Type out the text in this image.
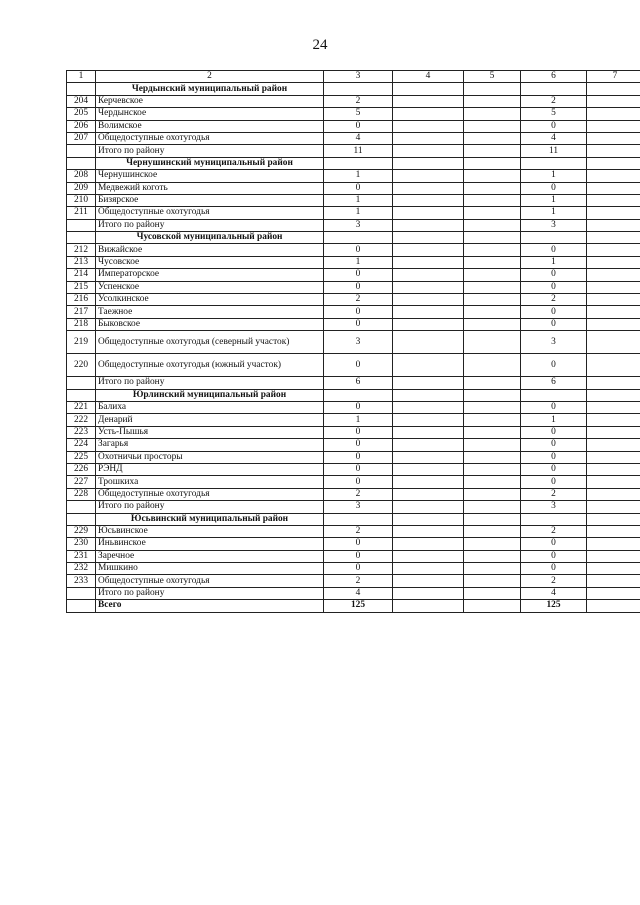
24
1	2	3	4	5	6	7
	Чердынский муниципальный район					
204	Керчевское	2			2	
205	Чердынское	5			5	
206	Волимское	0			0	
207	Общедоступные охотугодья	4			4	
	Итого по району	11			11	
	Чернушинский муниципальный район					
208	Чернушинское	1			1	
209	Медвежий коготь	0			0	
210	Бизярское	1			1	
211	Общедоступные охотугодья	1			1	
	Итого по району	3			3	
	Чусовской муниципальный район					
212	Вижайское	0			0	
213	Чусовское	1			1	
214	Императорское	0			0	
215	Успенское	0			0	
216	Усолкинское	2			2	
217	Таежное	0			0	
218	Быковское	0			0	
219	Общедоступные охотугодья (северный участок)	3			3	
220	Общедоступные охотугодья (южный участок)	0			0	
	Итого по району	6			6	
	Юрлинский муниципальный район					
221	Балиха	0			0	
222	Денарий	1			1	
223	Усть-Пышья	0			0	
224	Загарья	0			0	
225	Охотничьи просторы	0			0	
226	РЭНД	0			0	
227	Трошкиха	0			0	
228	Общедоступные охотугодья	2			2	
	Итого по району	3			3	
	Юсьвинский муниципальный район					
229	Юсьвинское	2			2	
230	Иньвинское	0			0	
231	Заречное	0			0	
232	Мишкино	0			0	
233	Общедоступные охотугодья	2			2	
	Итого по району	4			4	
	Всего	125			125	
